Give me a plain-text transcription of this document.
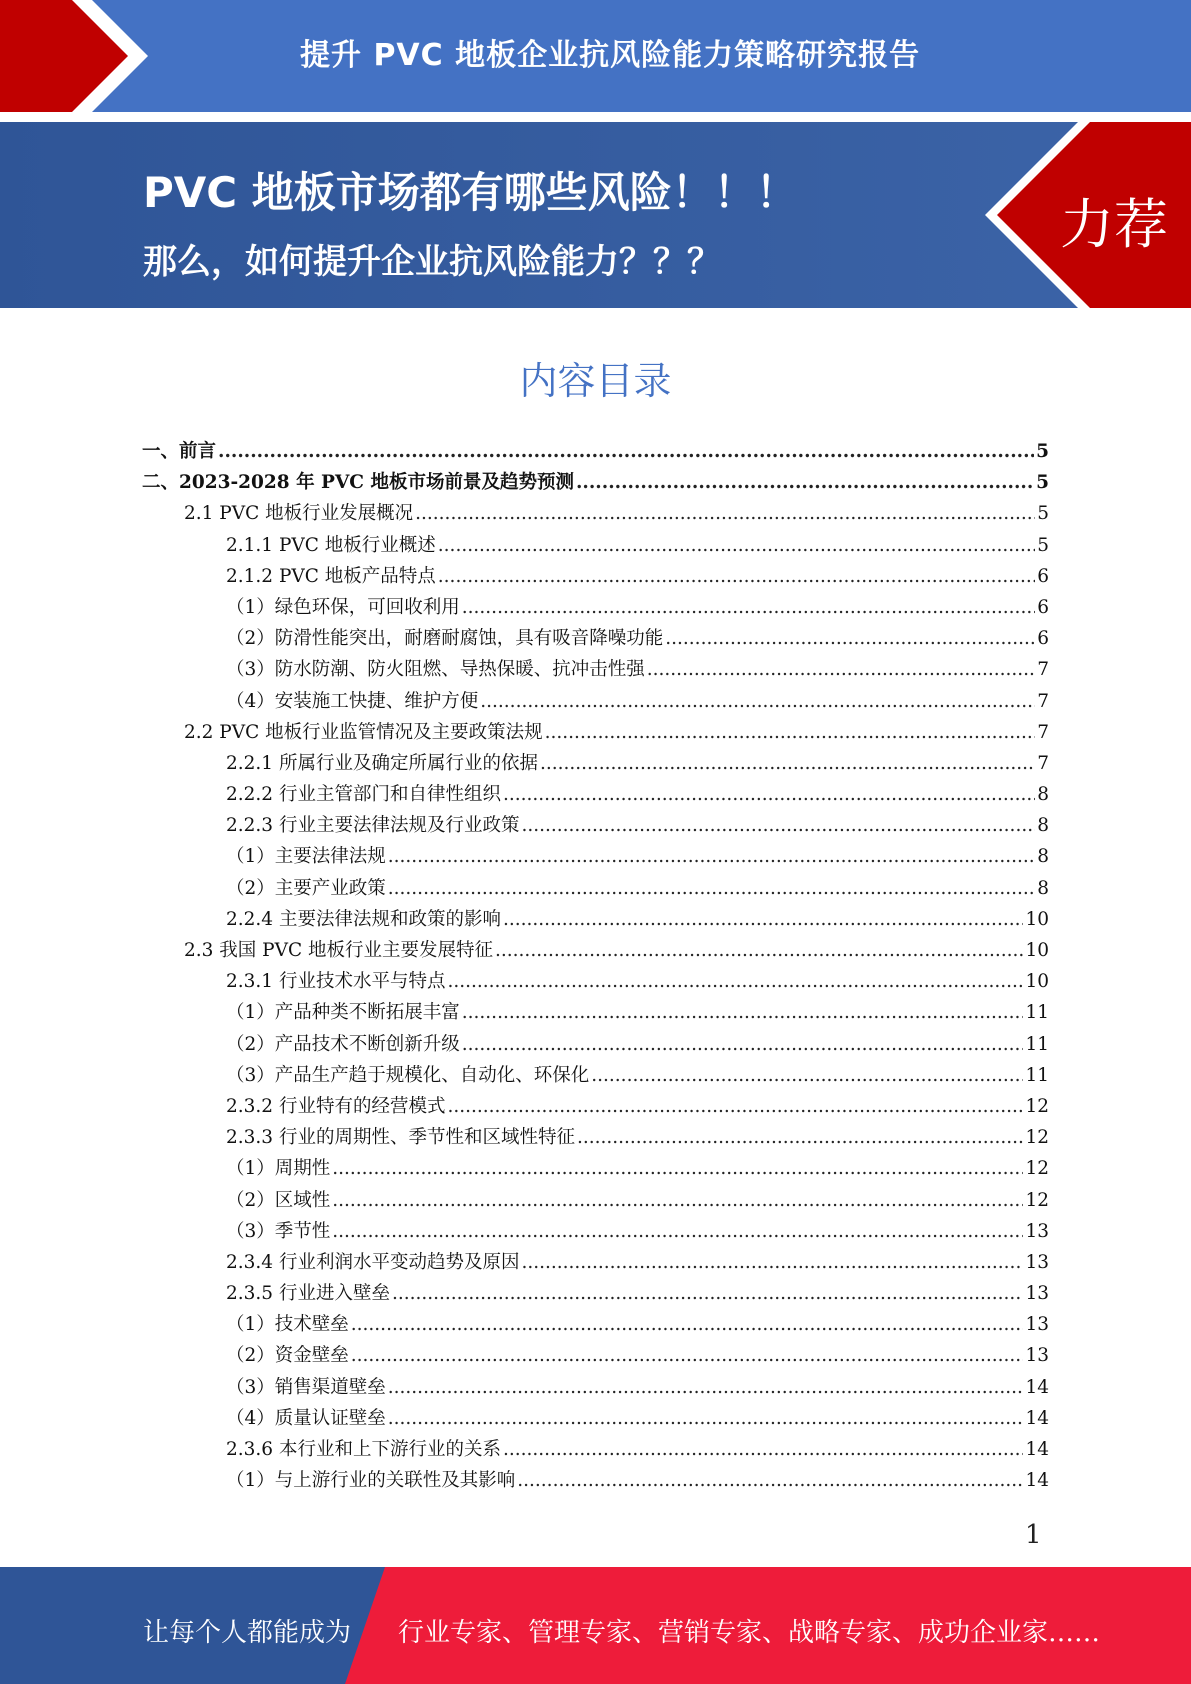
提升 PVC 地板企业抗风险能力策略研究报告
PVC 地板市场都有哪些风险！！！
那么，如何提升企业抗风险能力？？？
力荐
内容目录
一、前言 .....	5
二、2023-2028 年 PVC 地板市场前景及趋势预测 .....	5
2.1 PVC 地板行业发展概况 .....	5
2.1.1 PVC 地板行业概述 .....	5
2.1.2 PVC 地板产品特点 .....	6
（1）绿色环保，可回收利用 .....	6
（2）防滑性能突出，耐磨耐腐蚀，具有吸音降噪功能 .....	6
（3）防水防潮、防火阻燃、导热保暖、抗冲击性强 .....	7
（4）安装施工快捷、维护方便 .....	7
2.2 PVC 地板行业监管情况及主要政策法规 .....	7
2.2.1 所属行业及确定所属行业的依据 .....	7
2.2.2 行业主管部门和自律性组织 .....	8
2.2.3 行业主要法律法规及行业政策 .....	8
（1）主要法律法规 .....	8
（2）主要产业政策 .....	8
2.2.4 主要法律法规和政策的影响 .....	10
2.3 我国 PVC 地板行业主要发展特征 .....	10
2.3.1 行业技术水平与特点 .....	10
（1）产品种类不断拓展丰富 .....	11
（2）产品技术不断创新升级 .....	11
（3）产品生产趋于规模化、自动化、环保化 .....	11
2.3.2 行业特有的经营模式 .....	12
2.3.3 行业的周期性、季节性和区域性特征 .....	12
（1）周期性 .....	12
（2）区域性 .....	12
（3）季节性 .....	13
2.3.4 行业利润水平变动趋势及原因 .....	13
2.3.5 行业进入壁垒 .....	13
（1）技术壁垒 .....	13
（2）资金壁垒 .....	13
（3）销售渠道壁垒 .....	14
（4）质量认证壁垒 .....	14
2.3.6 本行业和上下游行业的关系 .....	14
（1）与上游行业的关联性及其影响 .....	14
1
让每个人都能成为 行业专家、管理专家、营销专家、战略专家、成功企业家……
